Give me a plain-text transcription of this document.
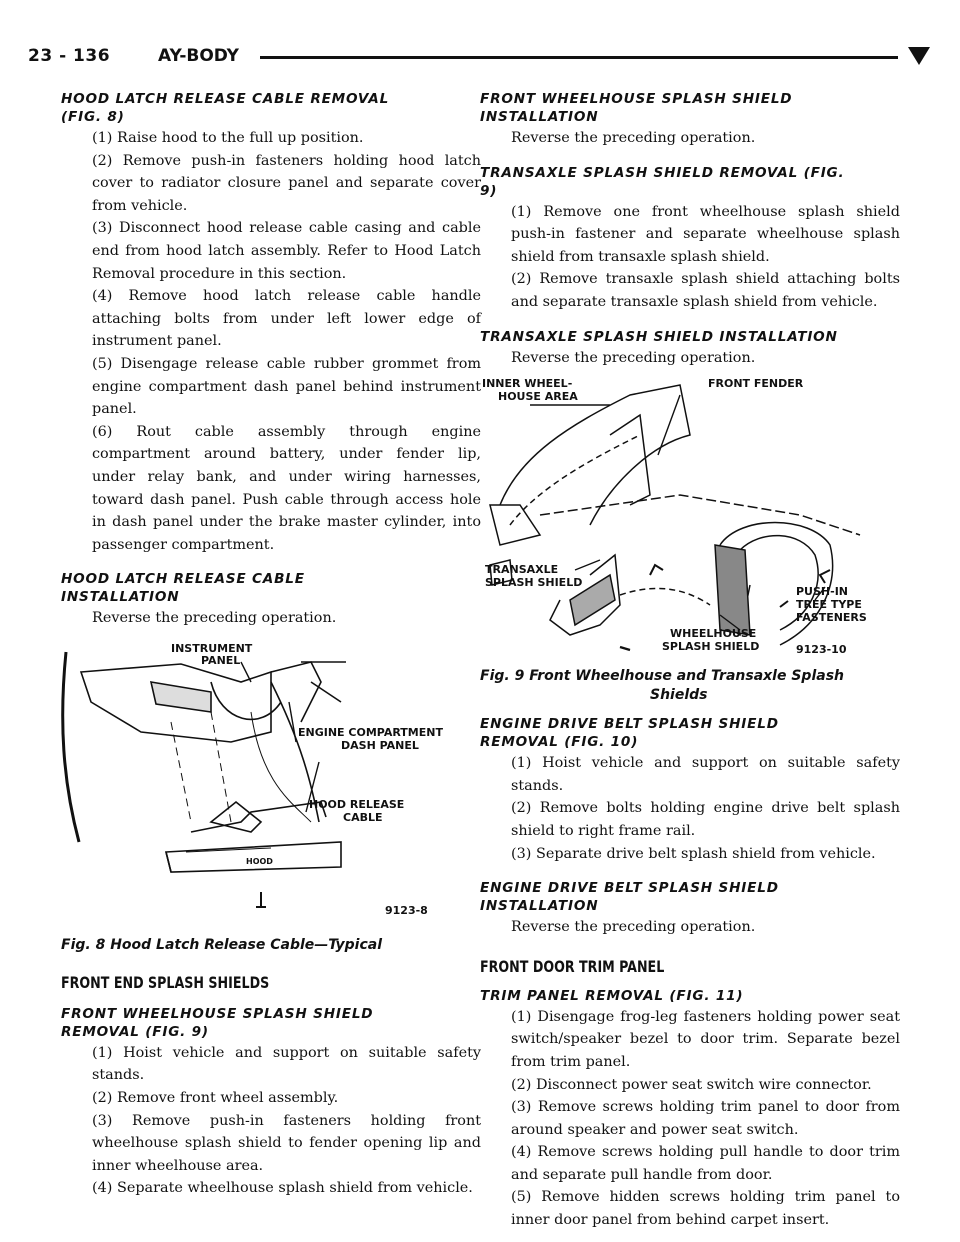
23 - 136	AY-BODY
HOOD LATCH RELEASE CABLE REMOVAL (FIG. 8)
(1) Raise hood to the full up position.
(2) Remove push-in fasteners holding hood latch cover to radiator closure panel and separate cover from vehicle.
(3) Disconnect hood release cable casing and cable end from hood latch assembly. Refer to Hood Latch Removal procedure in this section.
(4) Remove hood latch release cable handle attaching bolts from under left lower edge of instrument panel.
(5) Disengage release cable rubber grommet from engine compartment dash panel behind instrument panel.
(6) Rout cable assembly through engine compartment around battery, under fender lip, under relay bank, and under wiring harnesses, toward dash panel. Push cable through access hole in dash panel under the brake master cylinder, into passenger compartment.
HOOD LATCH RELEASE CABLE INSTALLATION
Reverse the preceding operation.
INSTRUMENT
PANEL
ENGINE COMPARTMENT
DASH PANEL
HOOD RELEASE
CABLE
HOOD
9123-8
Fig. 8 Hood Latch Release Cable—Typical
FRONT END SPLASH SHIELDS
FRONT WHEELHOUSE SPLASH SHIELD REMOVAL (FIG. 9)
(1) Hoist vehicle and support on suitable safety stands.
(2) Remove front wheel assembly.
(3) Remove push-in fasteners holding front wheelhouse splash shield to fender opening lip and inner wheelhouse area.
(4) Separate wheelhouse splash shield from vehicle.
FRONT WHEELHOUSE SPLASH SHIELD INSTALLATION
Reverse the preceding operation.
TRANSAXLE SPLASH SHIELD REMOVAL (FIG. 9)
(1) Remove one front wheelhouse splash shield push-in fastener and separate wheelhouse splash shield from transaxle splash shield.
(2) Remove transaxle splash shield attaching bolts and separate transaxle splash shield from vehicle.
TRANSAXLE SPLASH SHIELD INSTALLATION
Reverse the preceding operation.
INNER WHEEL-
HOUSE AREA
FRONT FENDER
TRANSAXLE
SPLASH SHIELD
PUSH-IN
TREE TYPE
FASTENERS
WHEELHOUSE
SPLASH SHIELD	9123-10
Fig. 9 Front Wheelhouse and Transaxle Splash
Shields
ENGINE DRIVE BELT SPLASH SHIELD REMOVAL (FIG. 10)
(1) Hoist vehicle and support on suitable safety stands.
(2) Remove bolts holding engine drive belt splash shield to right frame rail.
(3) Separate drive belt splash shield from vehicle.
ENGINE DRIVE BELT SPLASH SHIELD INSTALLATION
Reverse the preceding operation.
FRONT DOOR TRIM PANEL
TRIM PANEL REMOVAL (FIG. 11)
(1) Disengage frog-leg fasteners holding power seat switch/speaker bezel to door trim. Separate bezel from trim panel.
(2) Disconnect power seat switch wire connector.
(3) Remove screws holding trim panel to door from around speaker and power seat switch.
(4) Remove screws holding pull handle to door trim and separate pull handle from door.
(5) Remove hidden screws holding trim panel to inner door panel from behind carpet insert.
